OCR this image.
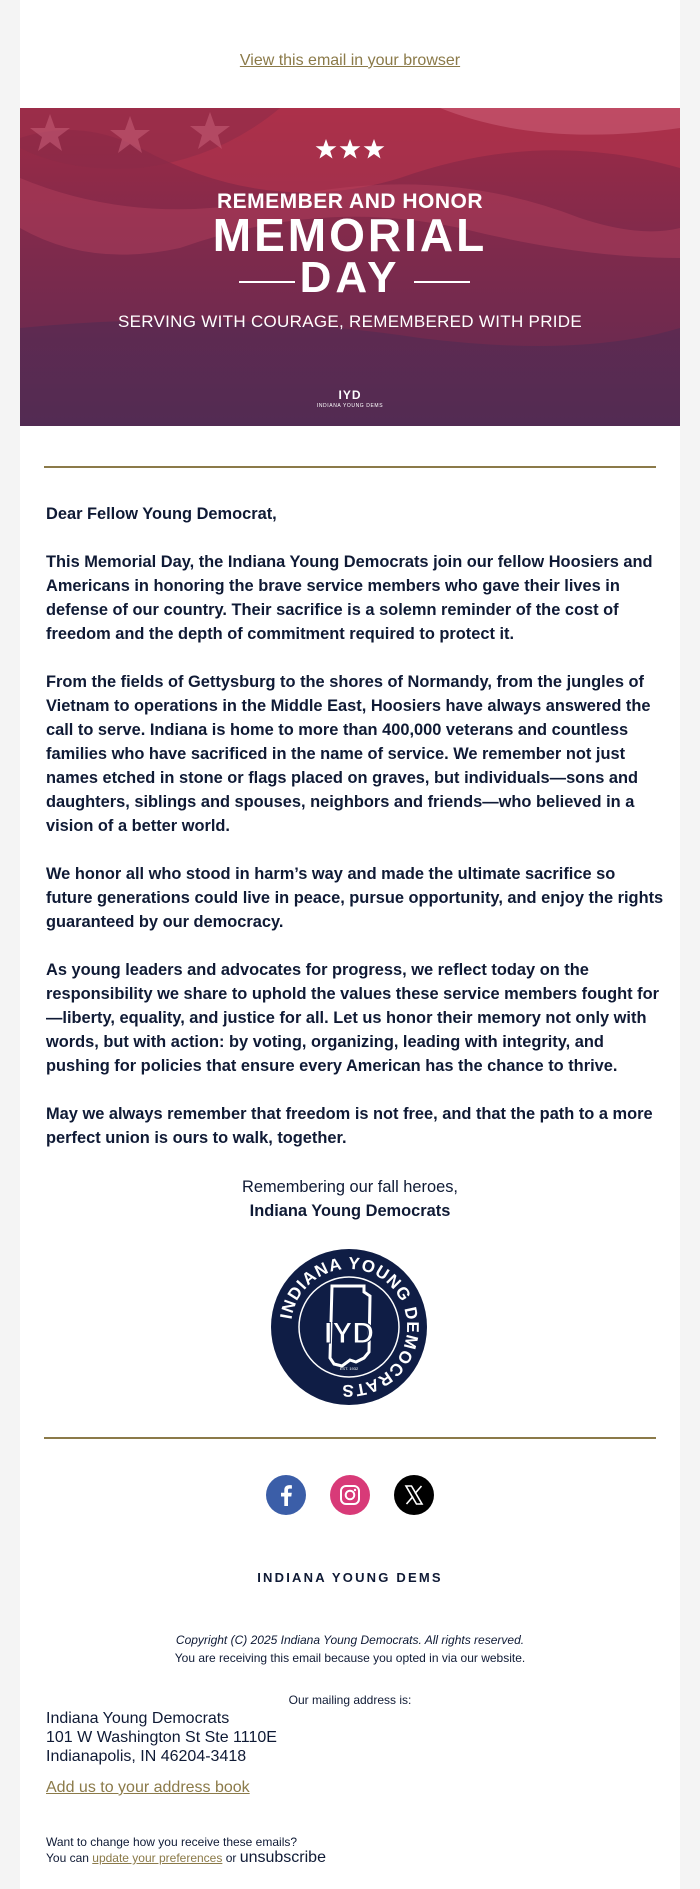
View this email in your browser
REMEMBER AND HONOR
MEMORIAL
DAY
SERVING WITH COURAGE, REMEMBERED WITH PRIDE
IYD
INDIANA YOUNG DEMS

Dear Fellow Young Democrat,

This Memorial Day, the Indiana Young Democrats join our fellow Hoosiers and Americans in honoring the brave service members who gave their lives in defense of our country. Their sacrifice is a solemn reminder of the cost of freedom and the depth of commitment required to protect it.

From the fields of Gettysburg to the shores of Normandy, from the jungles of Vietnam to operations in the Middle East, Hoosiers have always answered the call to serve. Indiana is home to more than 400,000 veterans and countless families who have sacrificed in the name of service. We remember not just names etched in stone or flags placed on graves, but individuals—sons and daughters, siblings and spouses, neighbors and friends—who believed in a vision of a better world.

We honor all who stood in harm’s way and made the ultimate sacrifice so future generations could live in peace, pursue opportunity, and enjoy the rights guaranteed by our democracy.

As young leaders and advocates for progress, we reflect today on the responsibility we share to uphold the values these service members fought for—liberty, equality, and justice for all. Let us honor their memory not only with words, but with action: by voting, organizing, leading with integrity, and pushing for policies that ensure every American has the chance to thrive.

May we always remember that freedom is not free, and that the path to a more perfect union is ours to walk, together.

Remembering our fall heroes,
Indiana Young Democrats
INDIANA YOUNG DEMOCRATS
IYD
EST. 1932
INDIANA YOUNG DEMS
Copyright (C) 2025 Indiana Young Democrats. All rights reserved.
You are receiving this email because you opted in via our website.
Our mailing address is:
Indiana Young Democrats
101 W Washington St Ste 1110E
Indianapolis, IN 46204-3418
Add us to your address book
Want to change how you receive these emails?
You can update your preferences or unsubscribe
